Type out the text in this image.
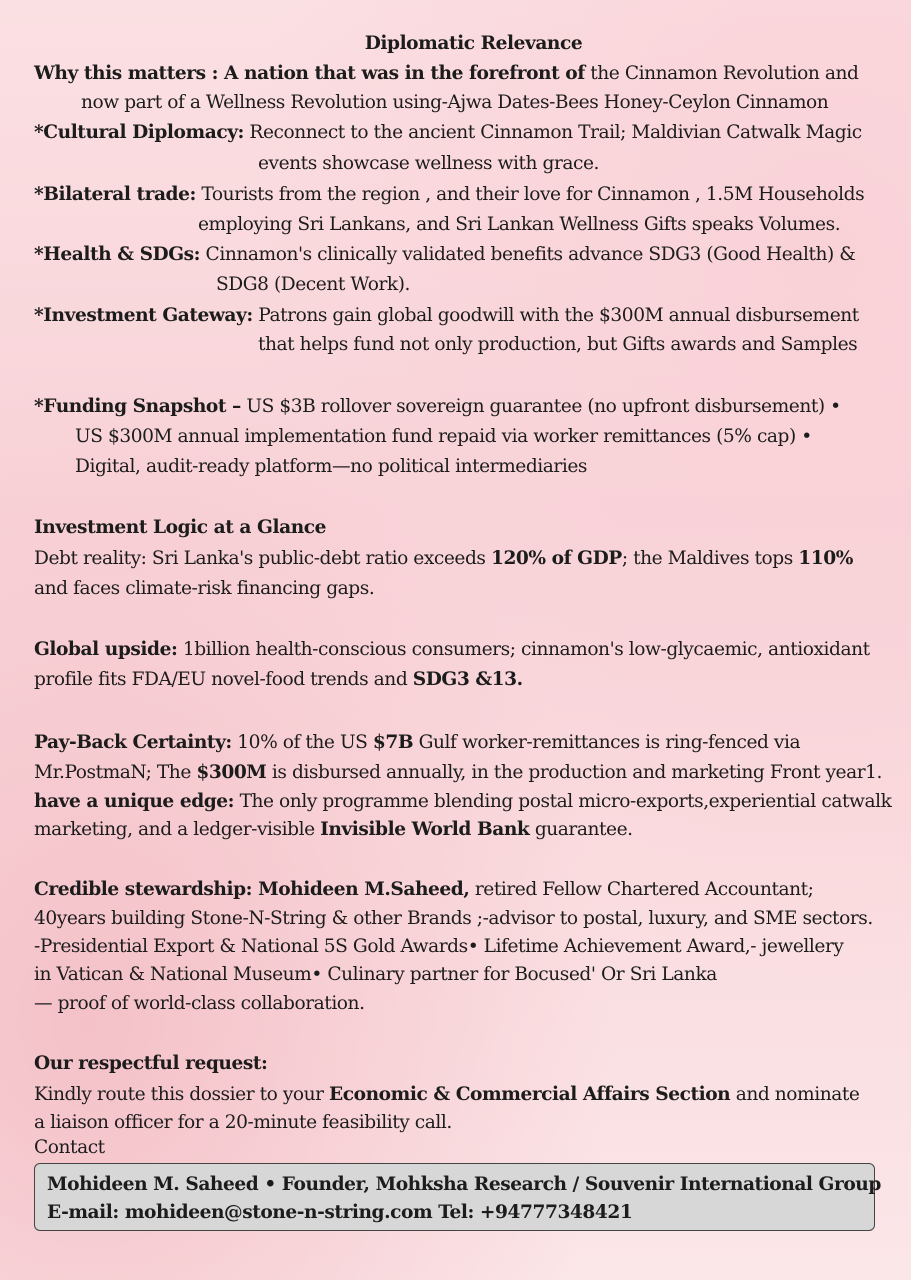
Diplomatic Relevance
Why this matters : A nation that was in the forefront of the Cinnamon Revolution and
now part of a Wellness Revolution using-Ajwa Dates-Bees Honey-Ceylon Cinnamon
*Cultural Diplomacy: Reconnect to the ancient Cinnamon Trail; Maldivian Catwalk Magic
events showcase wellness with grace.
*Bilateral trade: Tourists from the region , and their love for Cinnamon , 1.5M Households
employing Sri Lankans, and Sri Lankan Wellness Gifts speaks Volumes.
*Health & SDGs: Cinnamon's clinically validated benefits advance SDG3 (Good Health) &
SDG8 (Decent Work).
*Investment Gateway: Patrons gain global goodwill with the $300M annual disbursement
that helps fund not only production, but Gifts awards and Samples
*Funding Snapshot – US $3B rollover sovereign guarantee (no upfront disbursement) •
US $300M annual implementation fund repaid via worker remittances (5% cap) •
Digital, audit-ready platform—no political intermediaries
Investment Logic at a Glance
Debt reality: Sri Lanka's public-debt ratio exceeds 120% of GDP; the Maldives tops 110%
and faces climate-risk financing gaps.
Global upside: 1billion health-conscious consumers; cinnamon's low-glycaemic, antioxidant
profile fits FDA/EU novel-food trends and SDG3 &13.
Pay-Back Certainty: 10% of the US $7B Gulf worker-remittances is ring-fenced via
Mr.PostmaN; The $300M is disbursed annually, in the production and marketing Front year1.
have a unique edge: The only programme blending postal micro-exports,experiential catwalk
marketing, and a ledger-visible Invisible World Bank guarantee.
Credible stewardship: Mohideen M.Saheed, retired Fellow Chartered Accountant;
40years building Stone-N-String & other Brands ;-advisor to postal, luxury, and SME sectors.
-Presidential Export & National 5S Gold Awards• Lifetime Achievement Award,- jewellery
in Vatican & National Museum• Culinary partner for Bocused' Or Sri Lanka
— proof of world-class collaboration.
Our respectful request:
Kindly route this dossier to your Economic & Commercial Affairs Section and nominate
a liaison officer for a 20-minute feasibility call.
Contact
Mohideen M. Saheed • Founder, Mohksha Research / Souvenir International Group
E-mail: mohideen@stone-n-string.com Tel: +94777348421
